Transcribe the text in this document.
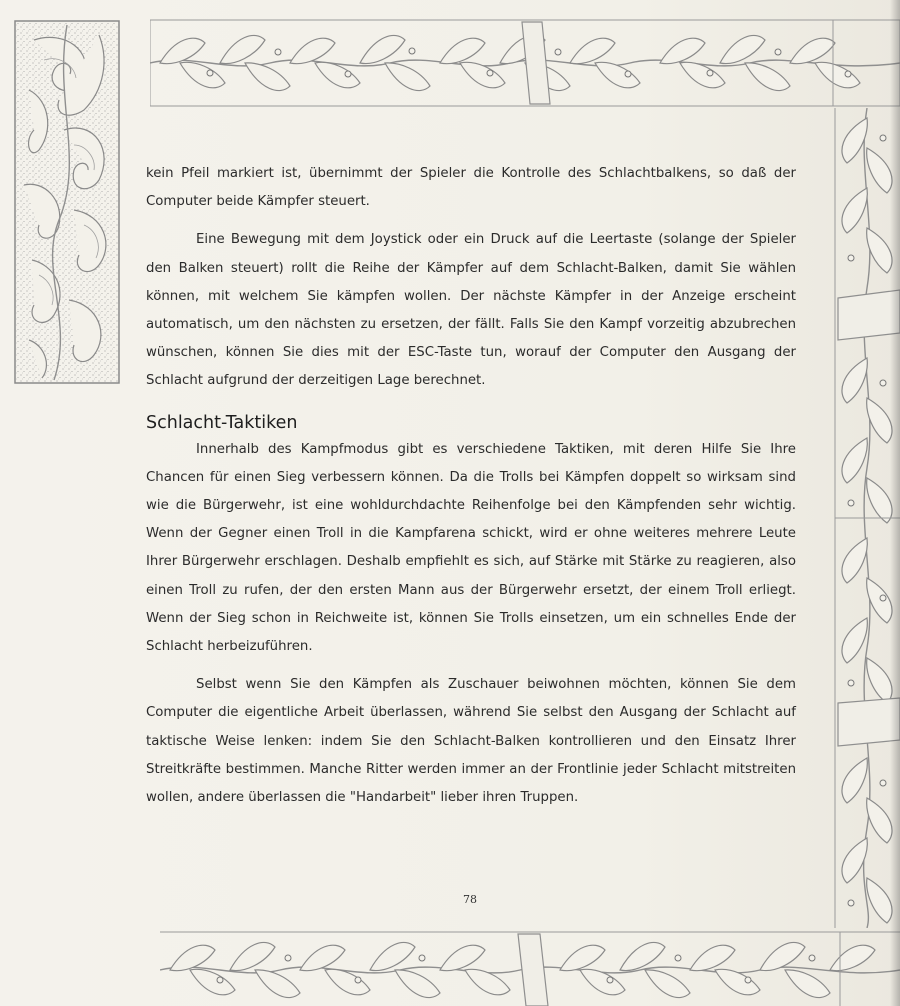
kein Pfeil markiert ist, übernimmt der Spieler die Kontrolle des Schlachtbalkens, so daß der Computer beide Kämpfer steuert.

Eine Bewegung mit dem Joystick oder ein Druck auf die Leertaste (solange der Spieler den Balken steuert) rollt die Reihe der Kämpfer auf dem Schlacht-Balken, damit Sie wählen können, mit welchem Sie kämpfen wollen. Der nächste Kämpfer in der Anzeige erscheint automatisch, um den nächsten zu ersetzen, der fällt. Falls Sie den Kampf vorzeitig abzubrechen wünschen, können Sie dies mit der ESC-Taste tun, worauf der Computer den Ausgang der Schlacht aufgrund der derzeitigen Lage berechnet.

Schlacht-Taktiken

Innerhalb des Kampfmodus gibt es verschiedene Taktiken, mit deren Hilfe Sie Ihre Chancen für einen Sieg verbessern können. Da die Trolls bei Kämpfen doppelt so wirksam sind wie die Bürgerwehr, ist eine wohldurchdachte Reihenfolge bei den Kämpfenden sehr wichtig. Wenn der Gegner einen Troll in die Kampfarena schickt, wird er ohne weiteres mehrere Leute Ihrer Bürgerwehr erschlagen. Deshalb empfiehlt es sich, auf Stärke mit Stärke zu reagieren, also einen Troll zu rufen, der den ersten Mann aus der Bürgerwehr ersetzt, der einem Troll erliegt. Wenn der Sieg schon in Reichweite ist, können Sie Trolls einsetzen, um ein schnelles Ende der Schlacht herbeizuführen.

Selbst wenn Sie den Kämpfen als Zuschauer beiwohnen möchten, können Sie dem Computer die eigentliche Arbeit überlassen, während Sie selbst den Ausgang der Schlacht auf taktische Weise lenken: indem Sie den Schlacht-Balken kontrollieren und den Einsatz Ihrer Streitkräfte bestimmen. Manche Ritter werden immer an der Frontlinie jeder Schlacht mitstreiten wollen, andere überlassen die "Handarbeit" lieber ihren Truppen.

78
